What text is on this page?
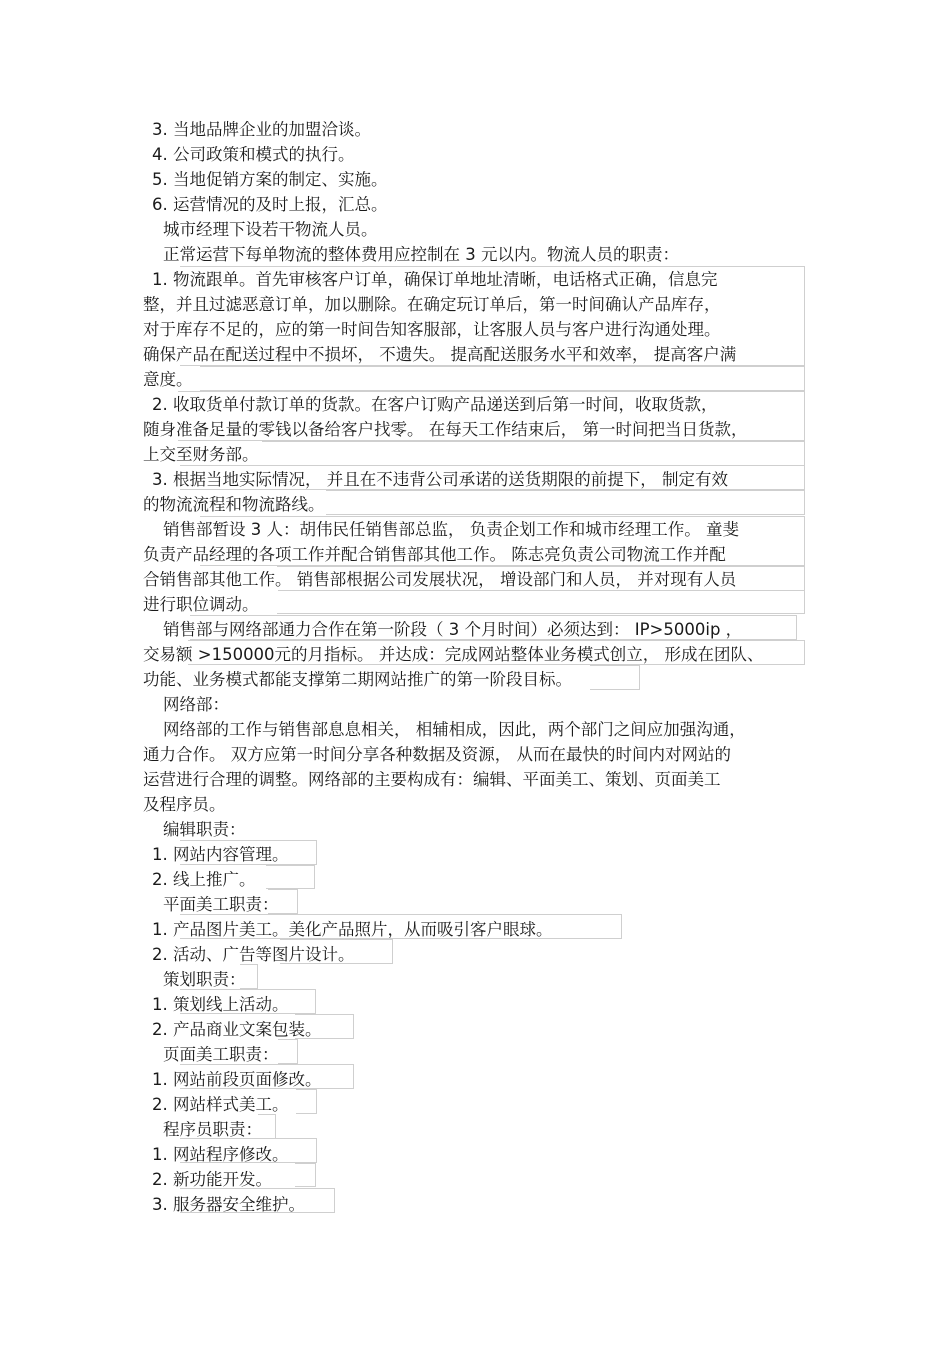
3. 当地品牌企业的加盟洽谈。
4. 公司政策和模式的执行。
5. 当地促销方案的制定、实施。
6. 运营情况的及时上报，汇总。
城市经理下设若干物流人员。
正常运营下每单物流的整体费用应控制在 3 元以内。物流人员的职责：
1. 物流跟单。首先审核客户订单，确保订单地址清晰，电话格式正确，信息完
整，并且过滤恶意订单，加以删除。在确定玩订单后，第一时间确认产品库存，
对于库存不足的，应的第一时间告知客服部，让客服人员与客户进行沟通处理。
确保产品在配送过程中不损坏， 不遗失。 提高配送服务水平和效率， 提高客户满
意度。
2. 收取货单付款订单的货款。在客户订购产品递送到后第一时间，收取货款，
随身准备足量的零钱以备给客户找零。 在每天工作结束后， 第一时间把当日货款，
上交至财务部。
3. 根据当地实际情况， 并且在不违背公司承诺的送货期限的前提下， 制定有效
的物流流程和物流路线。
销售部暂设 3 人：胡伟民任销售部总监， 负责企划工作和城市经理工作。 童斐
负责产品经理的各项工作并配合销售部其他工作。 陈志亮负责公司物流工作并配
合销售部其他工作。 销售部根据公司发展状况， 增设部门和人员， 并对现有人员
进行职位调动。
销售部与网络部通力合作在第一阶段（ 3 个月时间）必须达到： IP>5000ip ，
交易额 >150000元的月指标。 并达成：完成网站整体业务模式创立， 形成在团队、
功能、业务模式都能支撑第二期网站推广的第一阶段目标。
网络部：
网络部的工作与销售部息息相关， 相辅相成，因此，两个部门之间应加强沟通，
通力合作。 双方应第一时间分享各种数据及资源， 从而在最快的时间内对网站的
运营进行合理的调整。网络部的主要构成有：编辑、平面美工、策划、页面美工
及程序员。
编辑职责：
1. 网站内容管理。
2. 线上推广。
平面美工职责：
1. 产品图片美工。美化产品照片，从而吸引客户眼球。
2. 活动、广告等图片设计。
策划职责：
1. 策划线上活动。
2. 产品商业文案包装。
页面美工职责：
1. 网站前段页面修改。
2. 网站样式美工。
程序员职责：
1. 网站程序修改。
2. 新功能开发。
3. 服务器安全维护。
